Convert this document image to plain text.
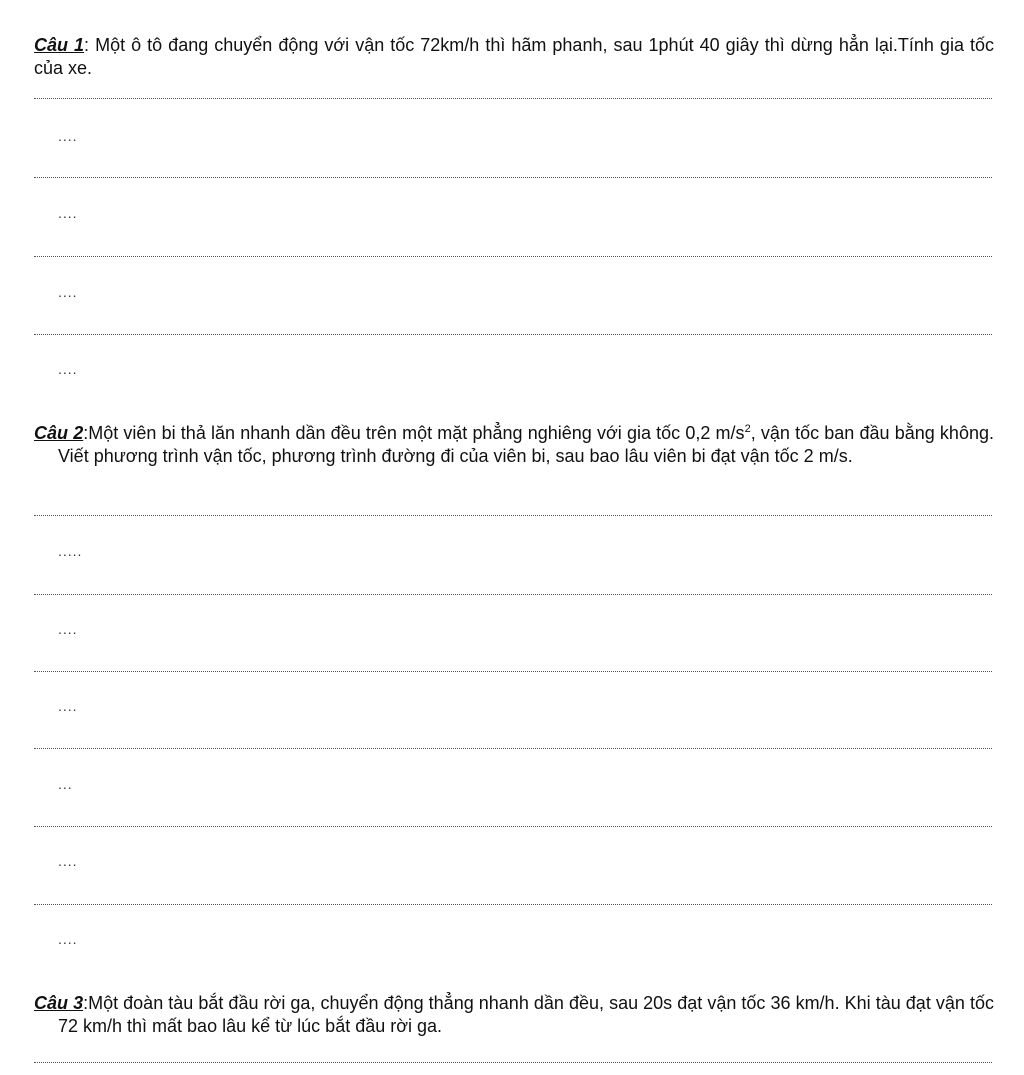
Câu 1: Một ô tô đang chuyển động với vận tốc 72km/h thì hãm phanh, sau 1phút 40 giây thì dừng hẳn lại.Tính gia tốc của xe.
....
....
....
....
Câu 2:Một viên bi thả lăn nhanh dần đều trên một mặt phẳng nghiêng với gia tốc 0,2 $m/s^2$, vận tốc ban đầu bằng không. Viết phương trình vận tốc, phương trình đường đi của viên bi, sau bao lâu viên bi đạt vận tốc 2 m/s.
.....
....
....
...
....
....
Câu 3:Một đoàn tàu bắt đầu rời ga, chuyển động thẳng nhanh dần đều, sau 20s đạt vận tốc 36 km/h. Khi tàu đạt vận tốc 72 km/h thì mất bao lâu kể từ lúc bắt đầu rời ga.
